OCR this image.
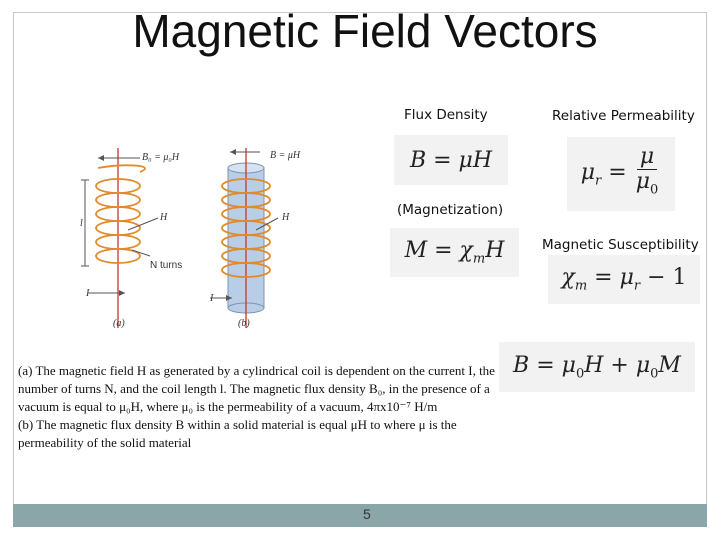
Magnetic Field Vectors
B₀ = μ₀H	B = μH
H	H
N turns
l
I	I
(a)	(b)
Flux Density	Relative Permeability
(Magnetization)
Magnetic Susceptibility
B = μH	$\mu_r = \frac{\mu}{\mu_0}$
$M = \chi_mH$
$\chi_m = \mu_r - 1$
$B = \mu_0H + \mu_0M$

(a) The magnetic field H as generated by a cylindrical coil is dependent on the current I, the number of turns N, and the coil length l. The magnetic flux density B₀, in the presence of a vacuum is equal to μ₀H, where μ₀ is the permeability of a vacuum, 4πx10⁻⁷ H/m

(b) The magnetic flux density B within a solid material is equal μH to where μ is the permeability of the solid material

5
